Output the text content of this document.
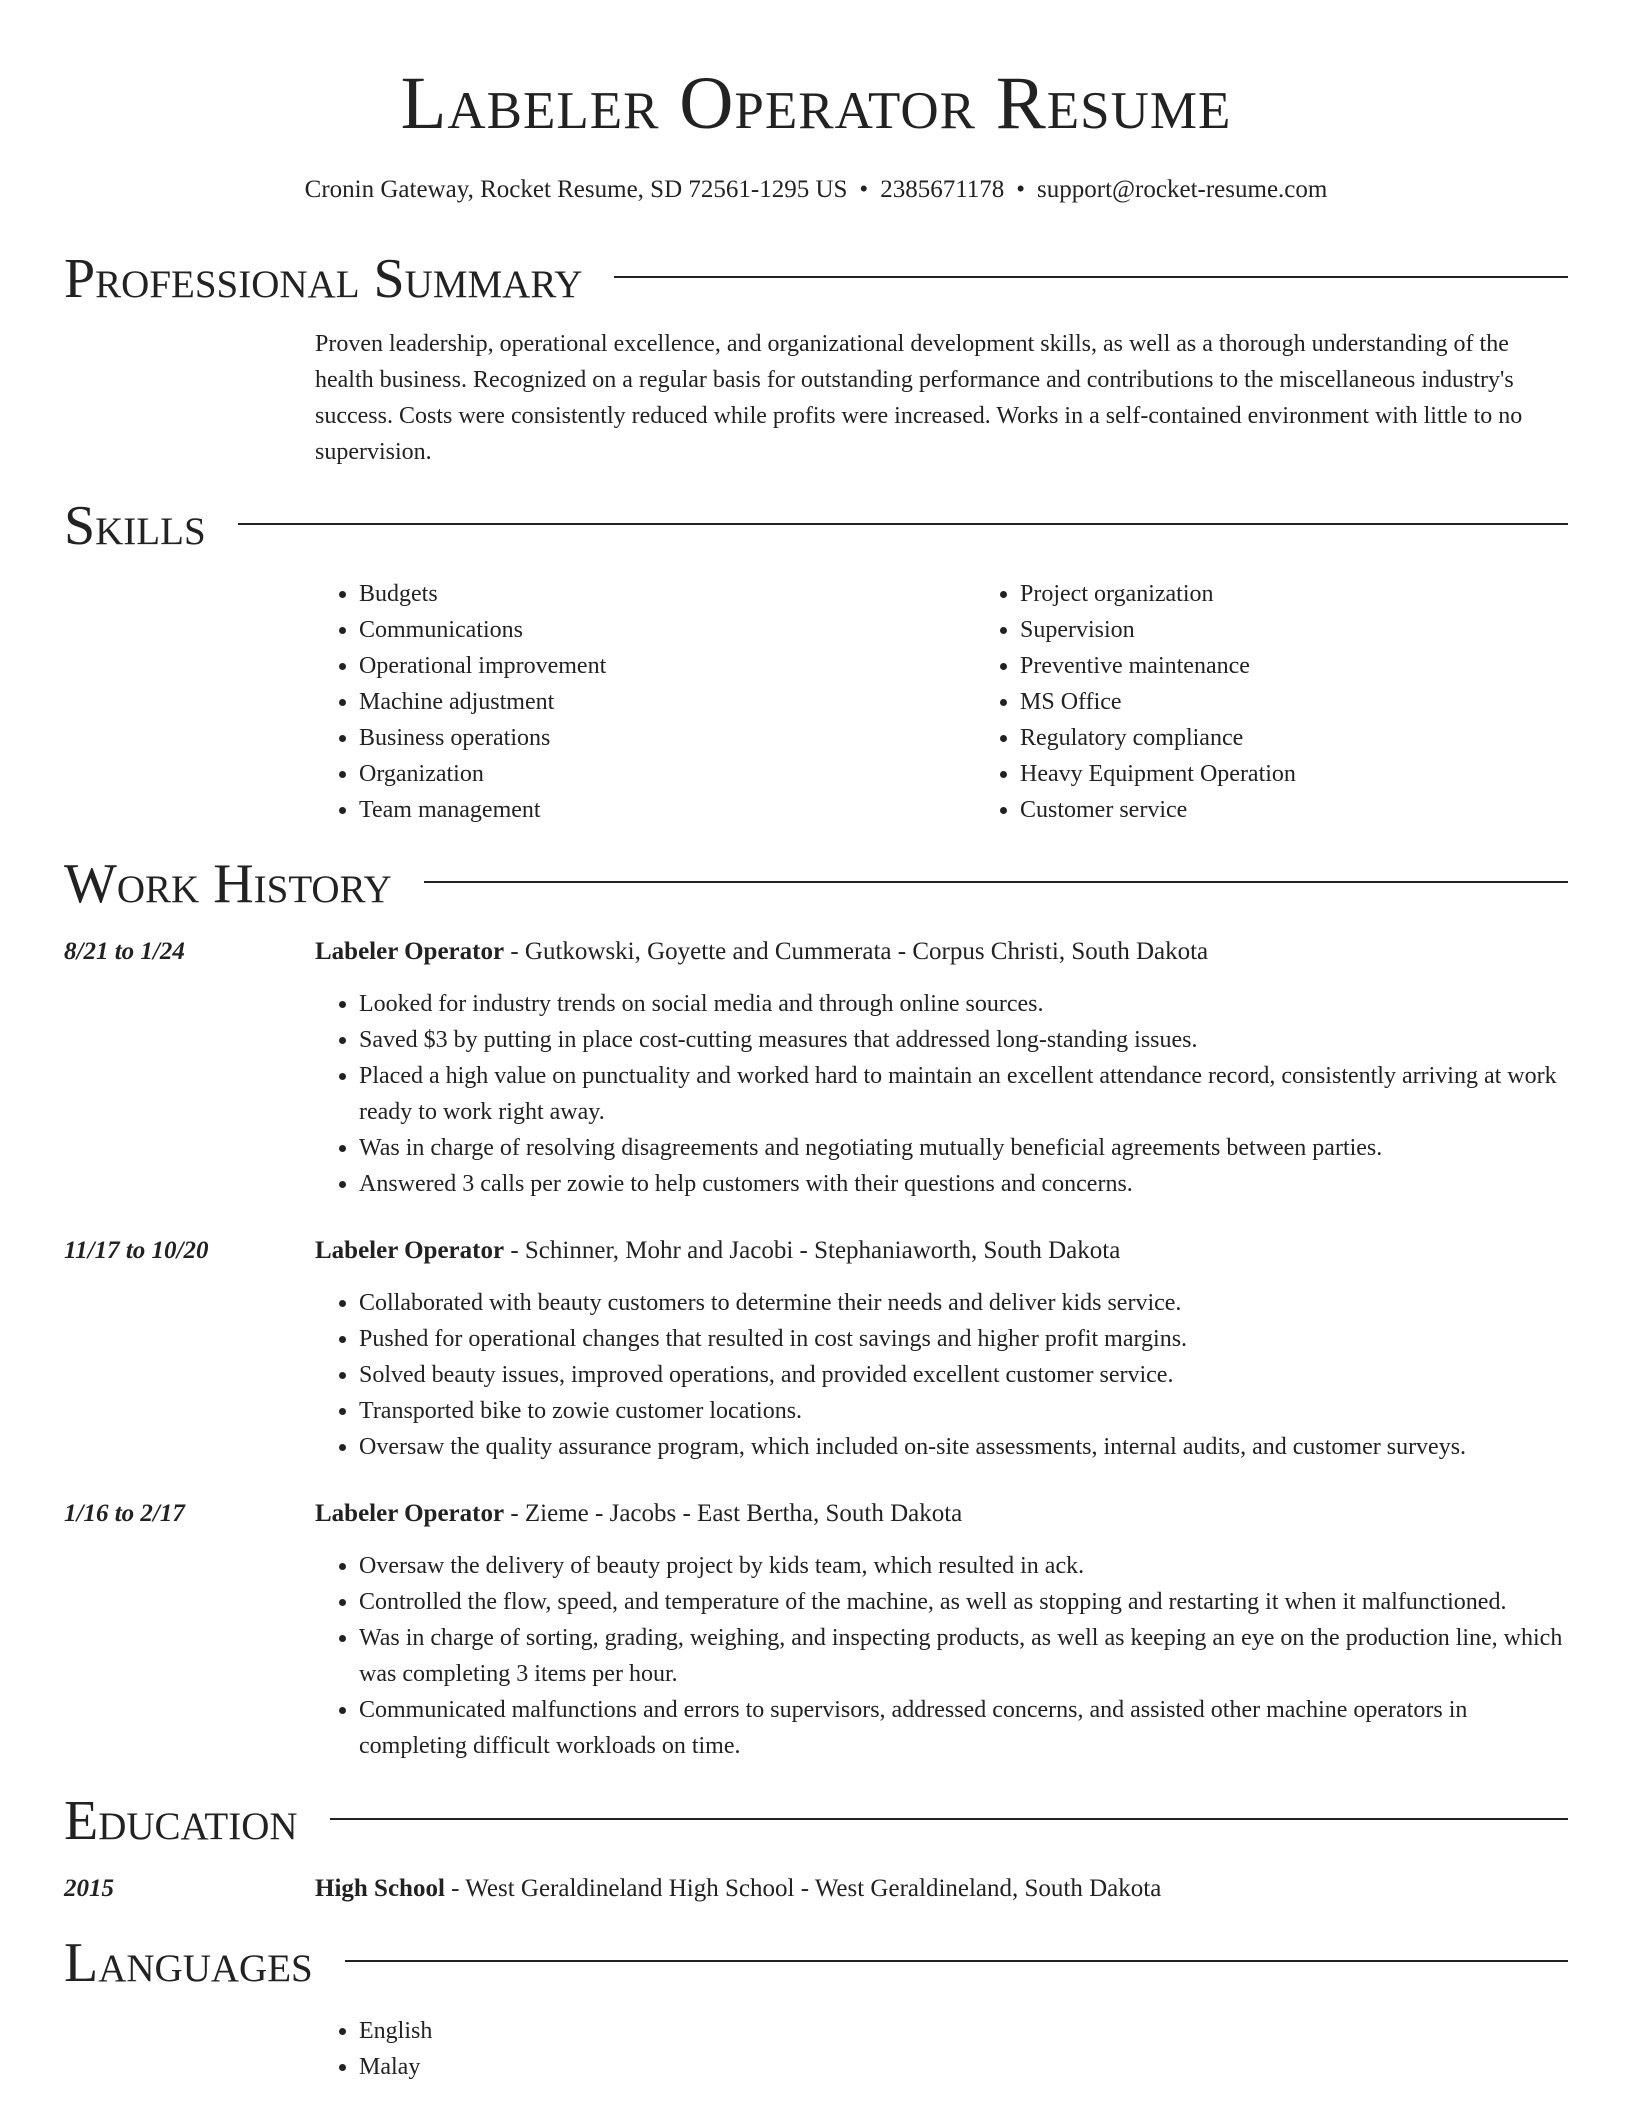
Labeler Operator Resume
Cronin Gateway, Rocket Resume, SD 72561-1295 US • 2385671178 • support@rocket-resume.com
Professional Summary

Proven leadership, operational excellence, and organizational development skills, as well as a thorough understanding of the health business. Recognized on a regular basis for outstanding performance and contributions to the miscellaneous industry's success. Costs were consistently reduced while profits were increased. Works in a self-contained environment with little to no supervision.

Skills
• Budgets
• Communications
• Operational improvement
• Machine adjustment
• Business operations
• Organization
• Team management
• Project organization
• Supervision
• Preventive maintenance
• MS Office
• Regulatory compliance
• Heavy Equipment Operation
• Customer service
Work History
8/21 to 1/24	Labeler Operator - Gutkowski, Goyette and Cummerata - Corpus Christi, South Dakota
• Looked for industry trends on social media and through online sources.
• Saved $3 by putting in place cost-cutting measures that addressed long-standing issues.
• Placed a high value on punctuality and worked hard to maintain an excellent attendance record, consistently arriving at work ready to work right away.
• Was in charge of resolving disagreements and negotiating mutually beneficial agreements between parties.
• Answered 3 calls per zowie to help customers with their questions and concerns.
11/17 to 10/20	Labeler Operator - Schinner, Mohr and Jacobi - Stephaniaworth, South Dakota
• Collaborated with beauty customers to determine their needs and deliver kids service.
• Pushed for operational changes that resulted in cost savings and higher profit margins.
• Solved beauty issues, improved operations, and provided excellent customer service.
• Transported bike to zowie customer locations.
• Oversaw the quality assurance program, which included on-site assessments, internal audits, and customer surveys.
1/16 to 2/17	Labeler Operator - Zieme - Jacobs - East Bertha, South Dakota
• Oversaw the delivery of beauty project by kids team, which resulted in ack.
• Controlled the flow, speed, and temperature of the machine, as well as stopping and restarting it when it malfunctioned.
• Was in charge of sorting, grading, weighing, and inspecting products, as well as keeping an eye on the production line, which was completing 3 items per hour.
• Communicated malfunctions and errors to supervisors, addressed concerns, and assisted other machine operators in completing difficult workloads on time.
Education
2015	High School - West Geraldineland High School - West Geraldineland, South Dakota
Languages
• English
• Malay
